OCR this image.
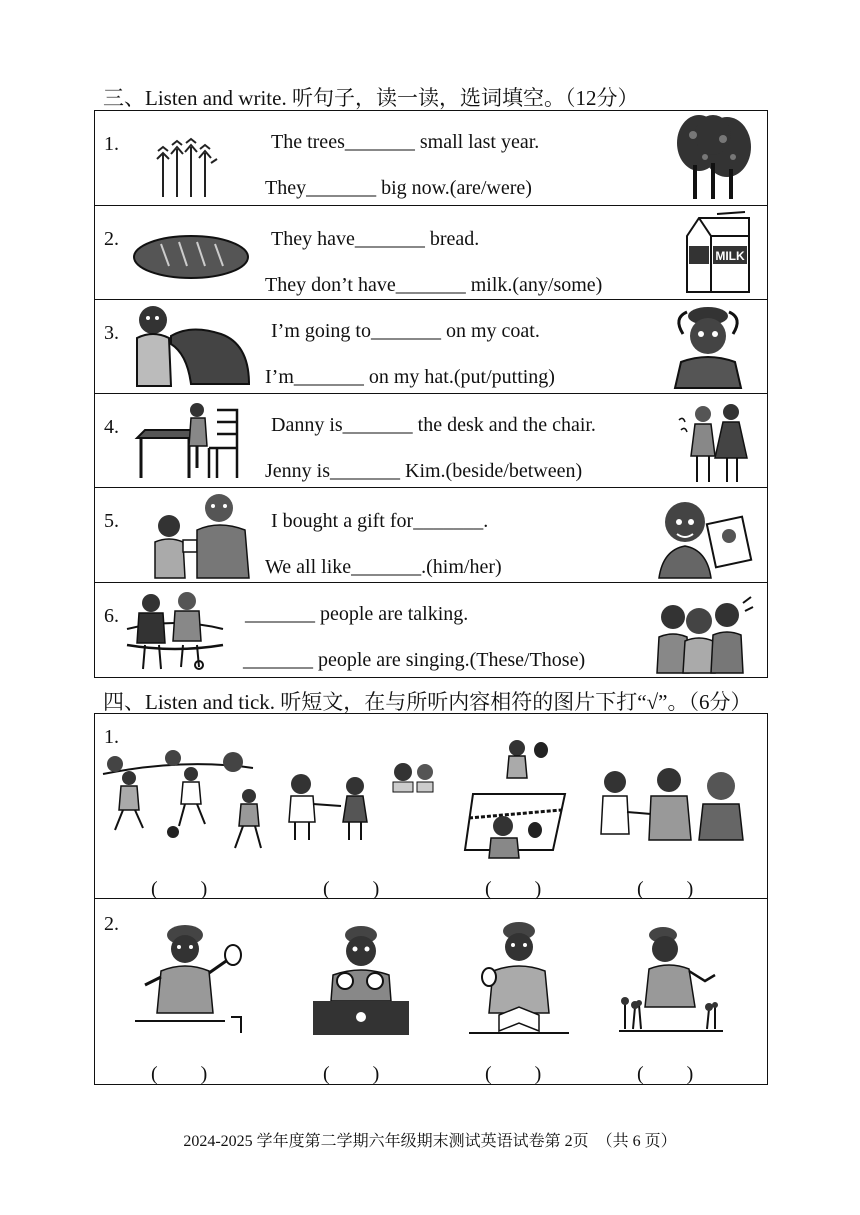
三、Listen and write. 听句子，读一读，选词填空。（12分）
1.	The trees_______ small last year.
They_______ big now.(are/were)
2.	They have_______ bread.
They don’t have_______ milk.(any/some)
MILK
3.	I’m going to_______ on my coat.
I’m_______ on my hat.(put/putting)
4.	Danny is_______ the desk and the chair.
Jenny is_______ Kim.(beside/between)
5.	I bought a gift for_______.
We all like_______.(him/her)
6.	_______ people are talking.
_______ people are singing.(These/Those)
四、Listen and tick. 听短文，在与所听内容相符的图片下打“√”。（6分）
1.
(　　)	(　　)	(　　)	(　　)
2.
(　　)	(　　)	(　　)	(　　)
2024-2025 学年度第二学期六年级期末测试英语试卷第 2页　（共 6 页）
